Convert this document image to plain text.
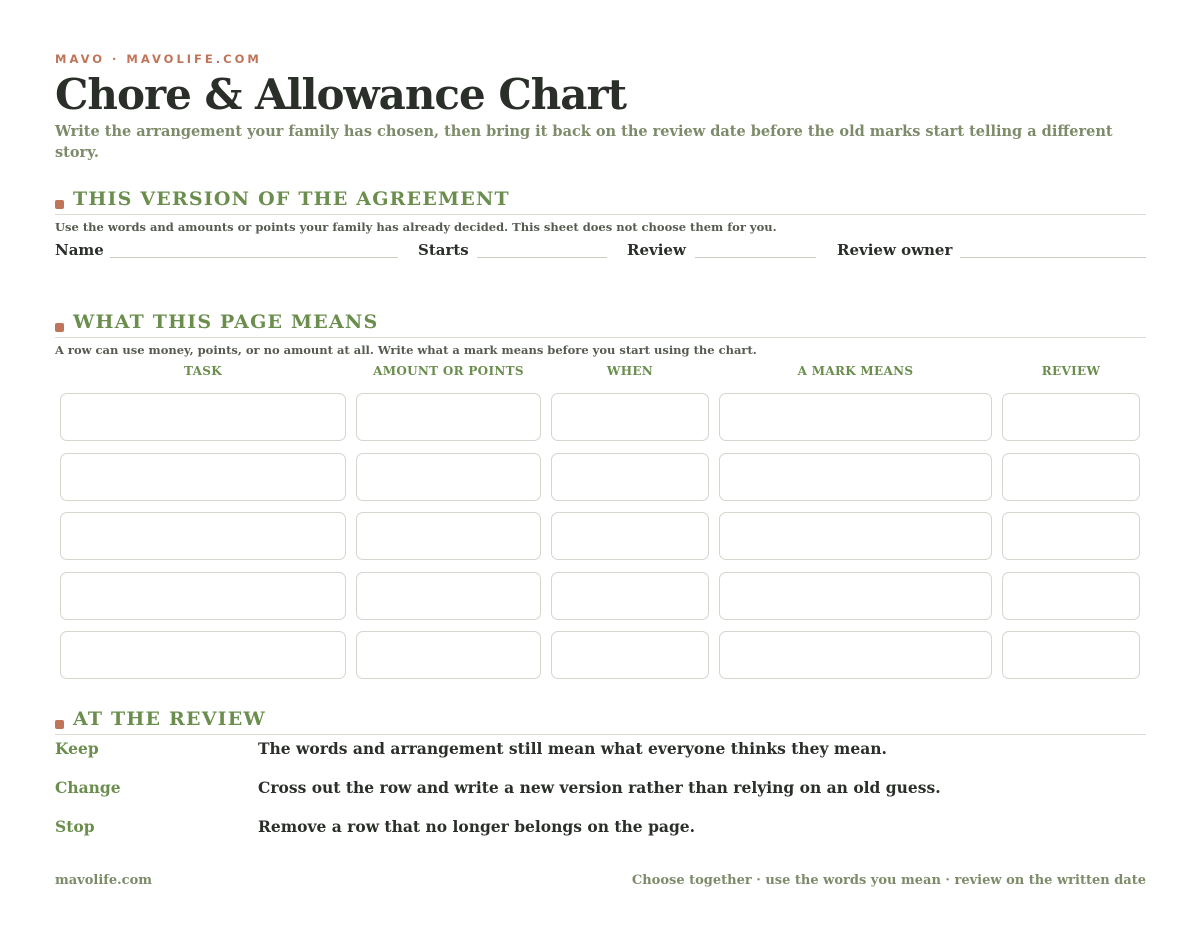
MAVO · MAVOLIFE.COM
Chore & Allowance Chart

Write the arrangement your family has chosen, then bring it back on the review date before the old marks start telling a different story.

THIS VERSION OF THE AGREEMENT
Use the words and amounts or points your family has already decided. This sheet does not choose them for you.
Name	Starts	Review	Review owner
WHAT THIS PAGE MEANS
A row can use money, points, or no amount at all. Write what a mark means before you start using the chart.
TASK	AMOUNT OR POINTS	WHEN	A MARK MEANS	REVIEW
AT THE REVIEW
Keep	The words and arrangement still mean what everyone thinks they mean.
Change	Cross out the row and write a new version rather than relying on an old guess.
Stop	Remove a row that no longer belongs on the page.
mavolife.com	Choose together · use the words you mean · review on the written date
